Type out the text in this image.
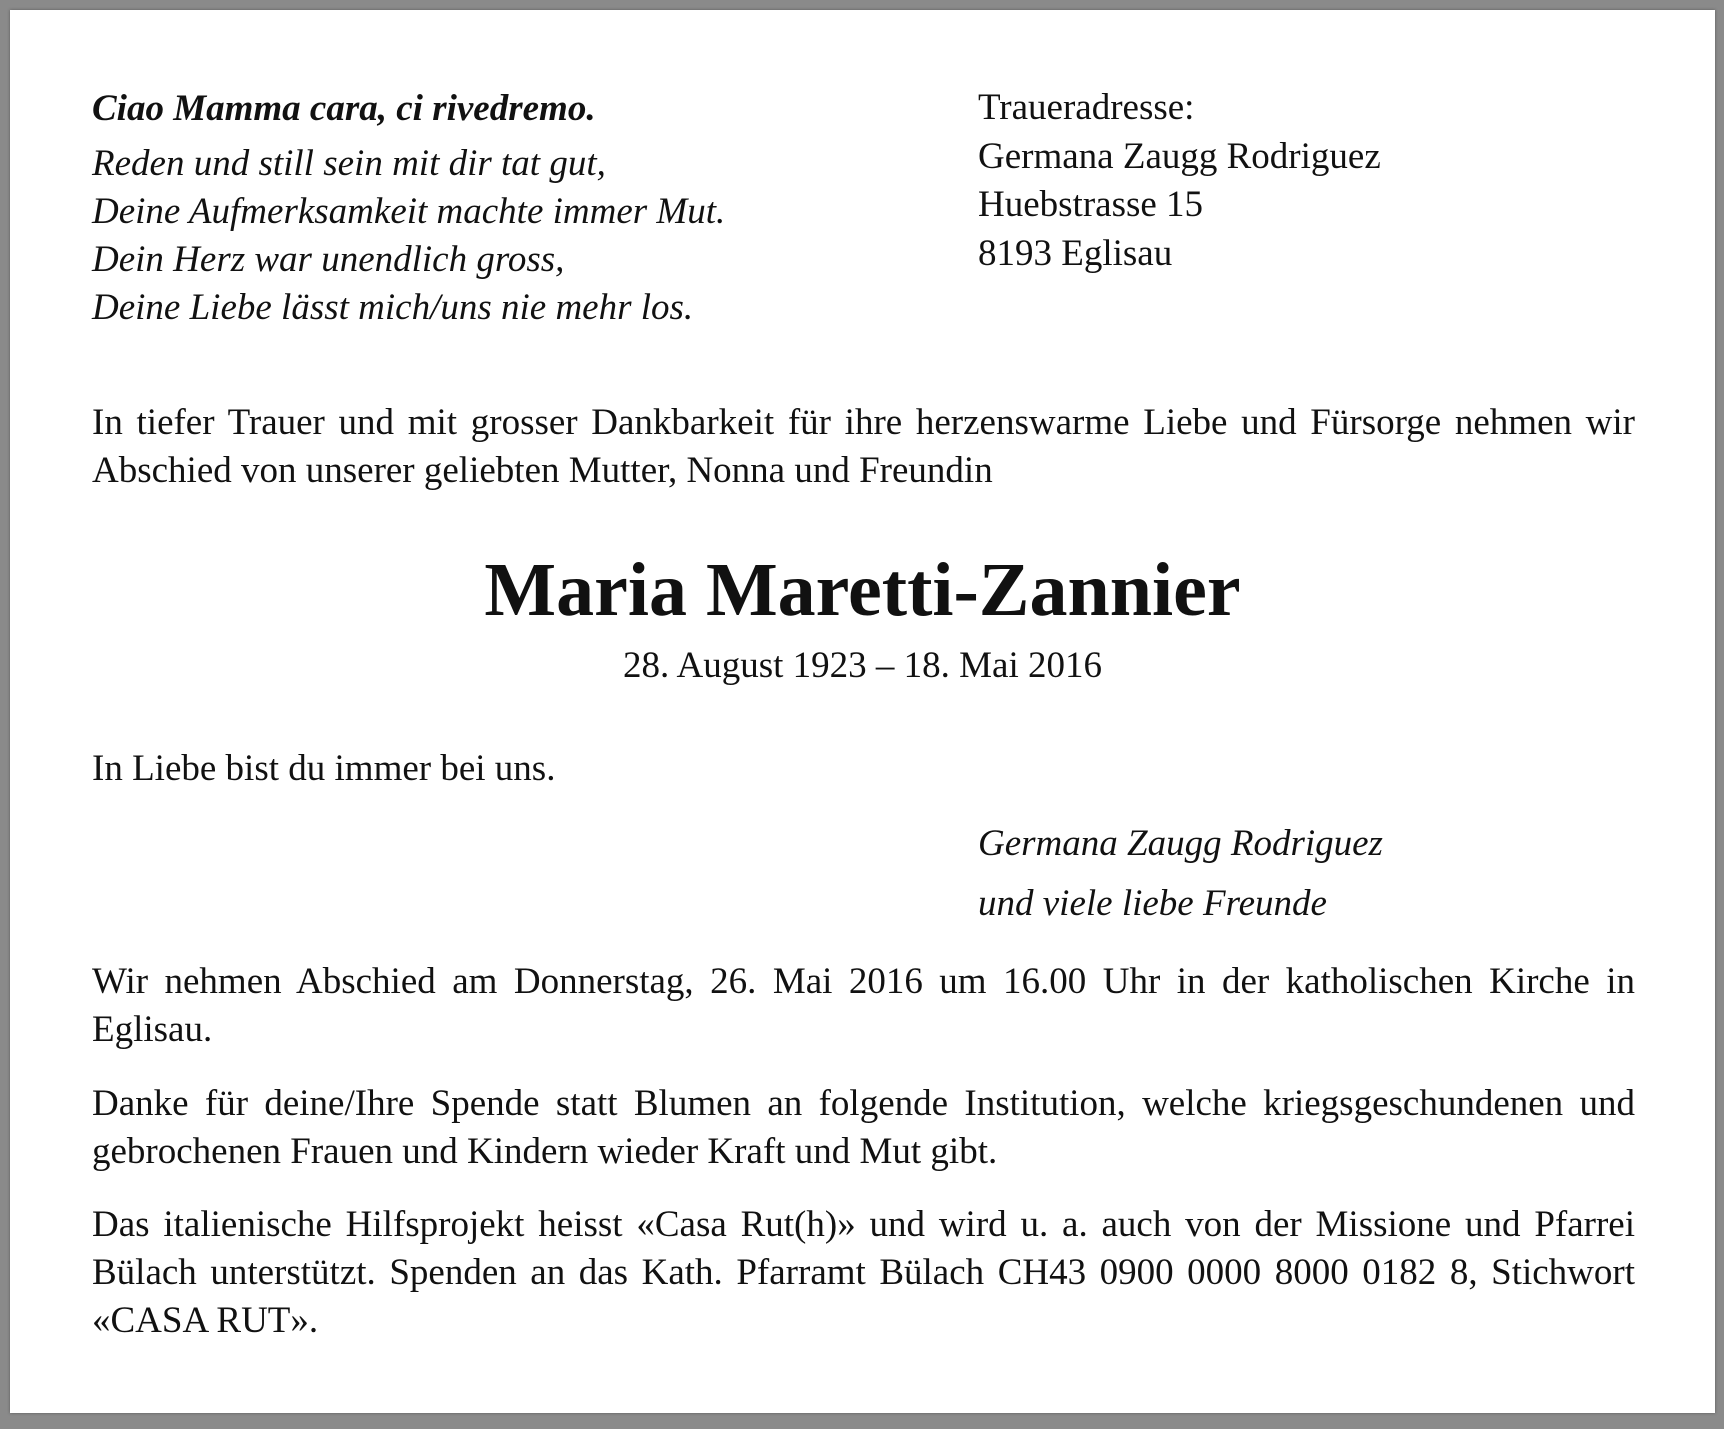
Ciao Mamma cara, ci rivedremo.
Reden und still sein mit dir tat gut,
Deine Aufmerksamkeit machte immer Mut.
Dein Herz war unendlich gross,
Deine Liebe lässt mich/uns nie mehr los.
Traueradresse:
Germana Zaugg Rodriguez
Huebstrasse 15
8193 Eglisau

In tiefer Trauer und mit grosser Dankbarkeit für ihre herzenswarme Liebe und Fürsorge nehmen wir Abschied von unserer geliebten Mutter, Nonna und Freundin

Maria Maretti-Zannier
28. August 1923 – 18. Mai 2016
In Liebe bist du immer bei uns.
Germana Zaugg Rodriguez
und viele liebe Freunde

Wir nehmen Abschied am Donnerstag, 26. Mai 2016 um 16.00 Uhr in der katholischen Kirche in Eglisau.

Danke für deine/Ihre Spende statt Blumen an folgende Institution, welche kriegsgeschundenen und gebrochenen Frauen und Kindern wieder Kraft und Mut gibt.

Das italienische Hilfsprojekt heisst «Casa Rut(h)» und wird u. a. auch von der Missione und Pfarrei Bülach unterstützt. Spenden an das Kath. Pfarramt Bülach CH43 0900 0000 8000 0182 8, Stichwort «CASA RUT».
